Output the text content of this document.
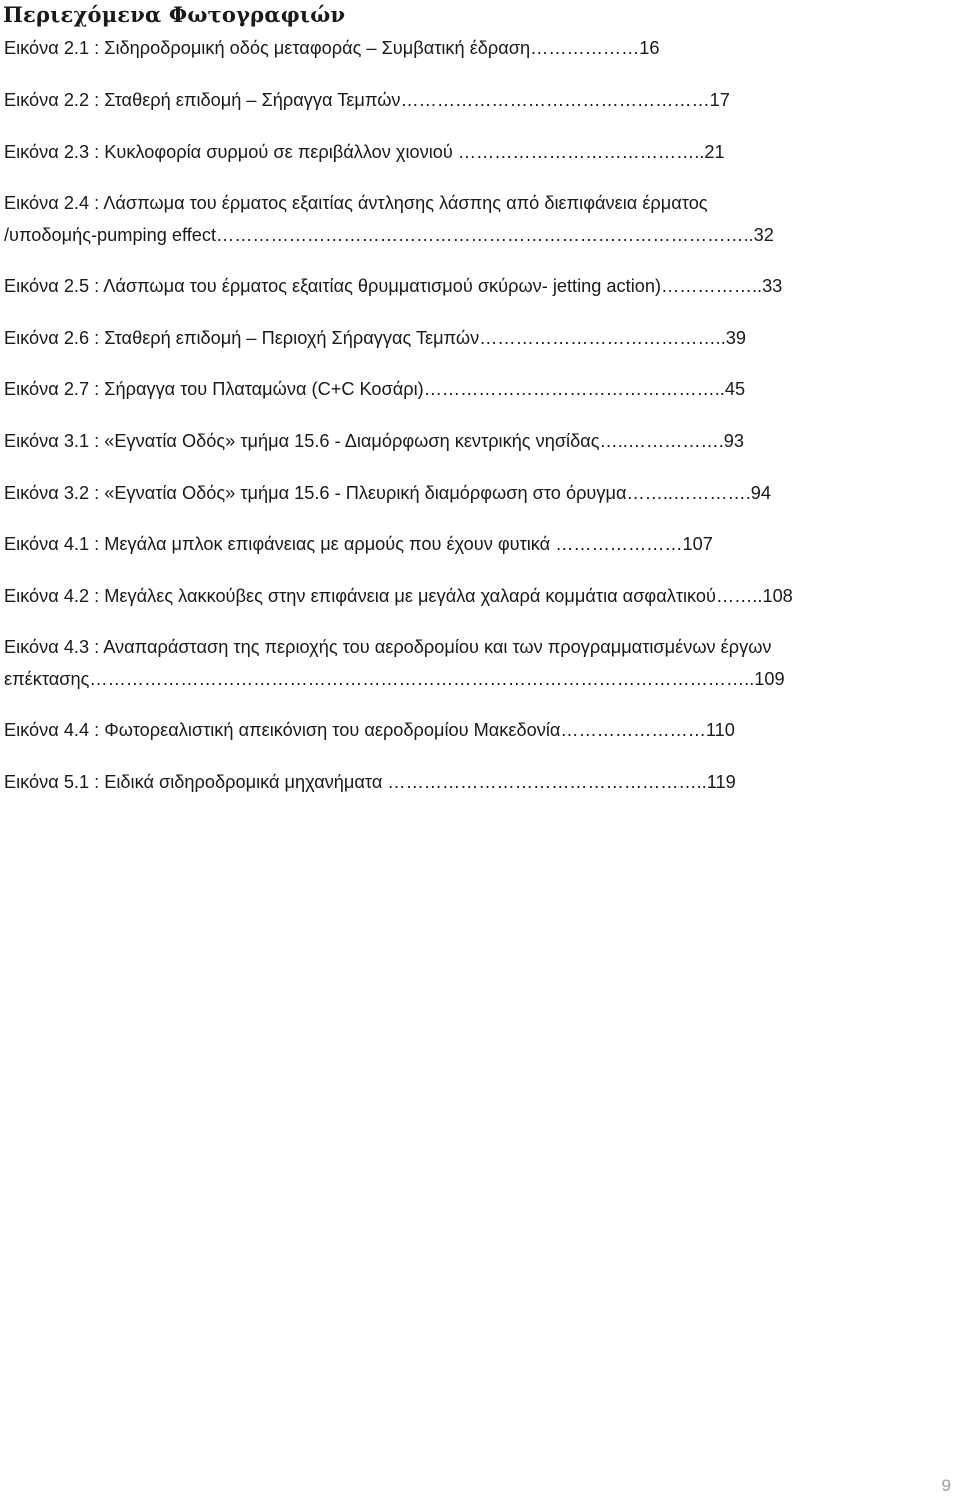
Περιεχόμενα Φωτογραφιών
Εικόνα 2.1 : Σιδηροδρομική οδός μεταφοράς – Συμβατική έδραση………………16
Εικόνα 2.2 : Σταθερή επιδομή – Σήραγγα Τεμπών……………………………………………17
Εικόνα 2.3 : Κυκλοφορία συρμού σε περιβάλλον χιονιού …………………………………..21
Εικόνα 2.4 : Λάσπωμα του έρματος εξαιτίας άντλησης λάσπης από διεπιφάνεια έρματος
/υποδομής-pumping effect……………………………………………………………………………..32
Εικόνα 2.5 : Λάσπωμα του έρματος εξαιτίας θρυμματισμού σκύρων- jetting action)……………..33
Εικόνα 2.6 : Σταθερή επιδομή – Περιοχή Σήραγγας Τεμπών…………………………………..39
Εικόνα 2.7 : Σήραγγα του Πλαταμώνα (C+C Κοσάρι)…………………………………………..45
Εικόνα 3.1 : «Εγνατία Οδός» τμήμα 15.6 - Διαμόρφωση κεντρικής νησίδας…..…………….93
Εικόνα 3.2 : «Εγνατία Οδός» τμήμα 15.6 - Πλευρική διαμόρφωση στο όρυγμα……..………….94
Εικόνα 4.1 : Μεγάλα μπλοκ επιφάνειας με αρμούς που έχουν φυτικά …………………107
Εικόνα 4.2 : Μεγάλες λακκούβες στην επιφάνεια με μεγάλα χαλαρά κομμάτια ασφαλτικού……..108
Εικόνα 4.3 : Αναπαράσταση της περιοχής του αεροδρομίου και των προγραμματισμένων έργων
επέκτασης………………………………………………………………………………………………..109
Εικόνα 4.4 : Φωτορεαλιστική απεικόνιση του αεροδρομίου Μακεδονία……………………110
Εικόνα 5.1 : Ειδικά σιδηροδρομικά μηχανήματα ……………………………………………..119
9
